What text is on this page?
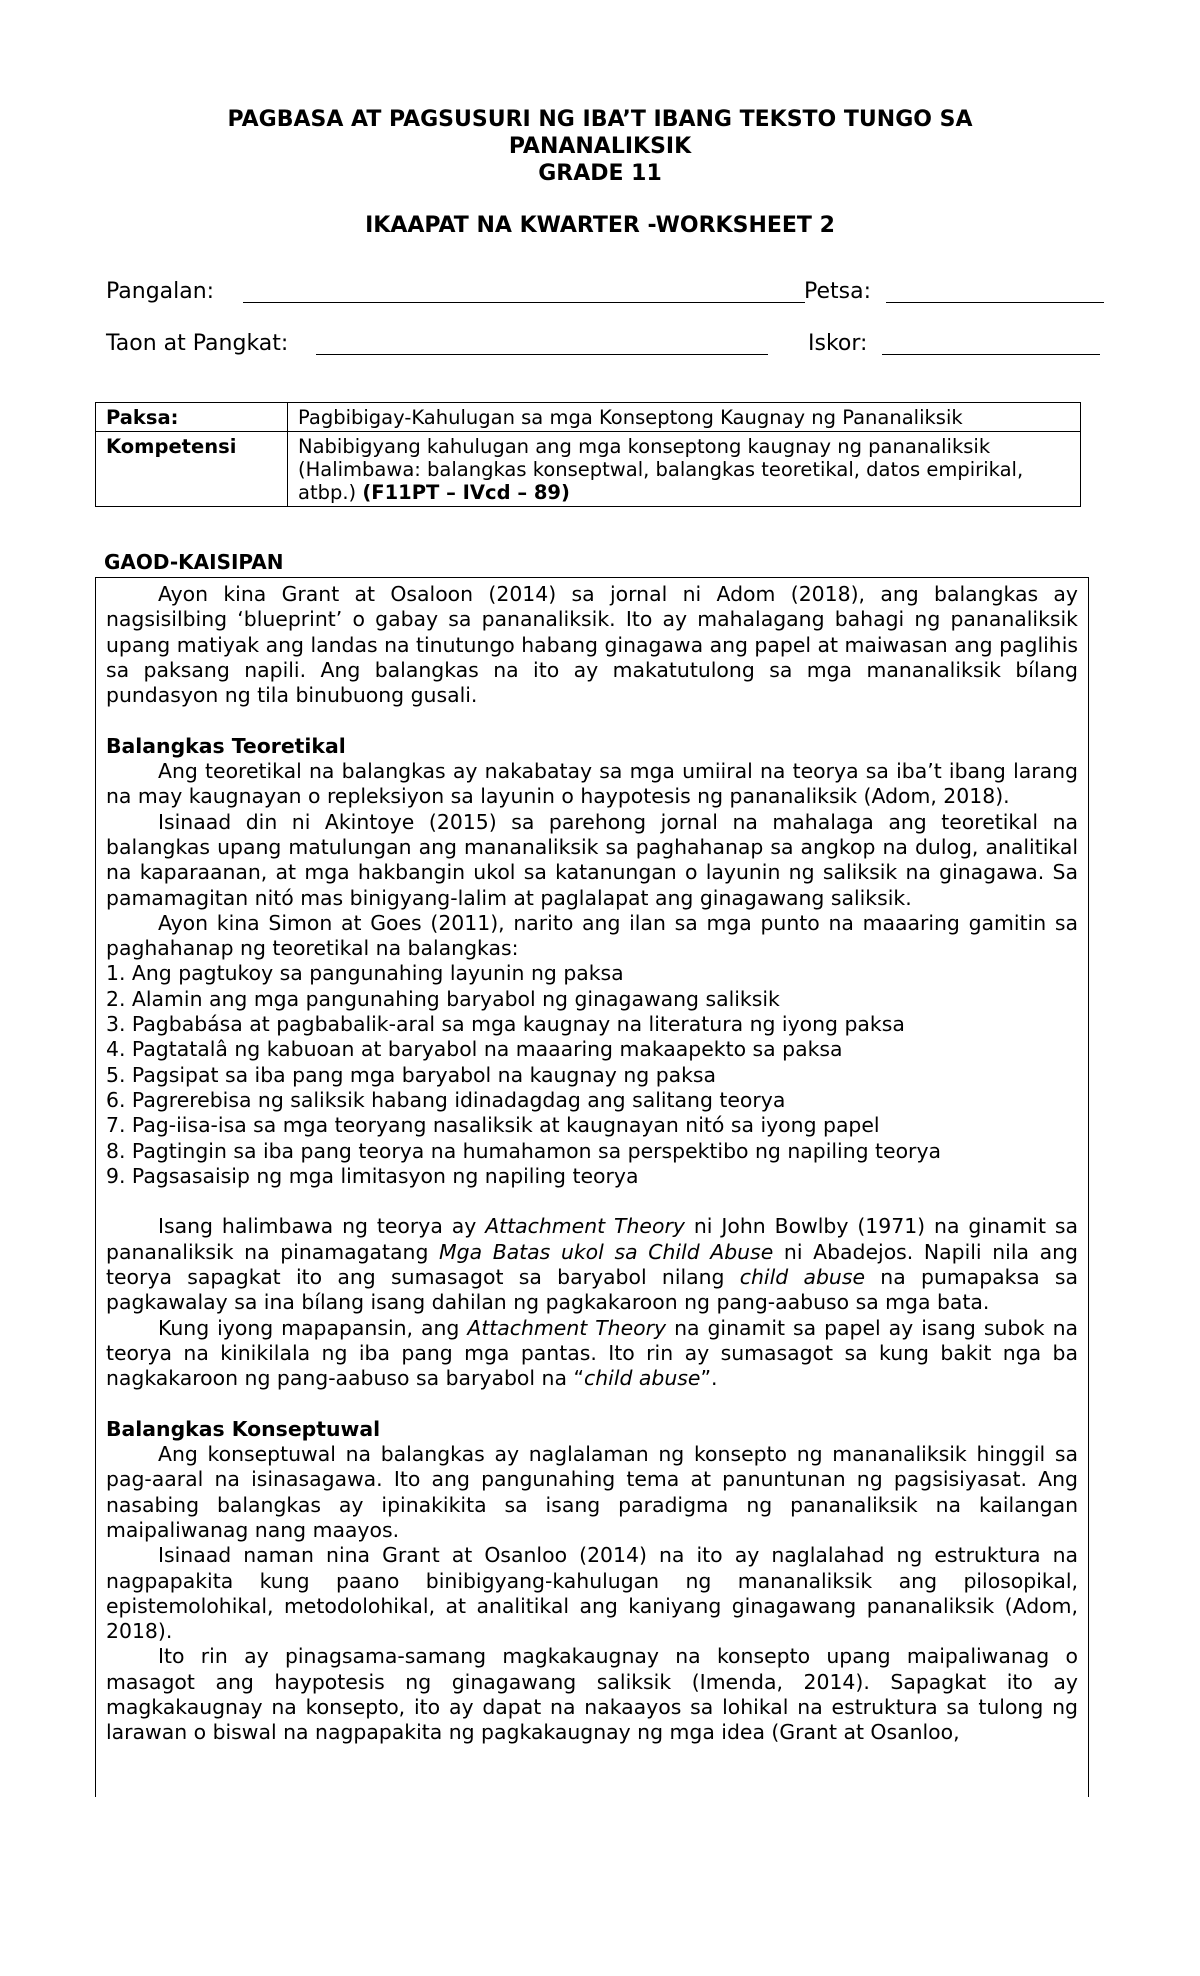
PAGBASA AT PAGSUSURI NG IBA’T IBANG TEKSTO TUNGO SA
PANANALIKSIK
GRADE 11
IKAAPAT NA KWARTER -WORKSHEET 2
Pangalan:	Petsa:
Taon at Pangkat:	Iskor:
Paksa:	Pagbibigay-Kahulugan sa mga Konseptong Kaugnay ng Pananaliksik
Kompetensi	Nabibigyang kahulugan ang mga konseptong kaugnay ng pananaliksik (Halimbawa: balangkas konseptwal, balangkas teoretikal, datos empirikal, atbp.) (F11PT – IVcd – 89)
GAOD-KAISIPAN

Ayon kina Grant at Osaloon (2014) sa jornal ni Adom (2018), ang balangkas ay nagsisilbing ‘blueprint’ o gabay sa pananaliksik. Ito ay mahalagang bahagi ng pananaliksik upang matiyak ang landas na tinutungo habang ginagawa ang papel at maiwasan ang paglihis sa paksang napili. Ang balangkas na ito ay makatutulong sa mga mananaliksik bílang pundasyon ng tila binubuong gusali.

Balangkas Teoretikal

Ang teoretikal na balangkas ay nakabatay sa mga umiiral na teorya sa iba’t ibang larang na may kaugnayan o repleksiyon sa layunin o haypotesis ng pananaliksik (Adom, 2018).

Isinaad din ni Akintoye (2015) sa parehong jornal na mahalaga ang teoretikal na balangkas upang matulungan ang mananaliksik sa paghahanap sa angkop na dulog, analitikal na kaparaanan, at mga hakbangin ukol sa katanungan o layunin ng saliksik na ginagawa. Sa pamamagitan nitó mas binigyang-lalim at paglalapat ang ginagawang saliksik.

Ayon kina Simon at Goes (2011), narito ang ilan sa mga punto na maaaring gamitin sa paghahanap ng teoretikal na balangkas:

1. Ang pagtukoy sa pangunahing layunin ng paksa
2. Alamin ang mga pangunahing baryabol ng ginagawang saliksik
3. Pagbabása at pagbabalik-aral sa mga kaugnay na literatura ng iyong paksa
4. Pagtatalâ ng kabuoan at baryabol na maaaring makaapekto sa paksa
5. Pagsipat sa iba pang mga baryabol na kaugnay ng paksa
6. Pagrerebisa ng saliksik habang idinadagdag ang salitang teorya
7. Pag-iisa-isa sa mga teoryang nasaliksik at kaugnayan nitó sa iyong papel
8. Pagtingin sa iba pang teorya na humahamon sa perspektibo ng napiling teorya
9. Pagsasaisip ng mga limitasyon ng napiling teorya

Isang halimbawa ng teorya ay Attachment Theory ni John Bowlby (1971) na ginamit sa pananaliksik na pinamagatang Mga Batas ukol sa Child Abuse ni Abadejos. Napili nila ang teorya sapagkat ito ang sumasagot sa baryabol nilang child abuse na pumapaksa sa pagkawalay sa ina bílang isang dahilan ng pagkakaroon ng pang-aabuso sa mga bata.

Kung iyong mapapansin, ang Attachment Theory na ginamit sa papel ay isang subok na teorya na kinikilala ng iba pang mga pantas. Ito rin ay sumasagot sa kung bakit nga ba nagkakaroon ng pang-aabuso sa baryabol na “child abuse”.

Balangkas Konseptuwal

Ang konseptuwal na balangkas ay naglalaman ng konsepto ng mananaliksik hinggil sa pag-aaral na isinasagawa. Ito ang pangunahing tema at panuntunan ng pagsisiyasat. Ang nasabing balangkas ay ipinakikita sa isang paradigma ng pananaliksik na kailangan maipaliwanag nang maayos.

Isinaad naman nina Grant at Osanloo (2014) na ito ay naglalahad ng estruktura na nagpapakita kung paano binibigyang-kahulugan ng mananaliksik ang pilosopikal, epistemolohikal, metodolohikal, at analitikal ang kaniyang ginagawang pananaliksik (Adom, 2018).

Ito rin ay pinagsama-samang magkakaugnay na konsepto upang maipaliwanag o masagot ang haypotesis ng ginagawang saliksik (Imenda, 2014). Sapagkat ito ay magkakaugnay na konsepto, ito ay dapat na nakaayos sa lohikal na estruktura sa tulong ng larawan o biswal na nagpapakita ng pagkakaugnay ng mga idea (Grant at Osanloo,
